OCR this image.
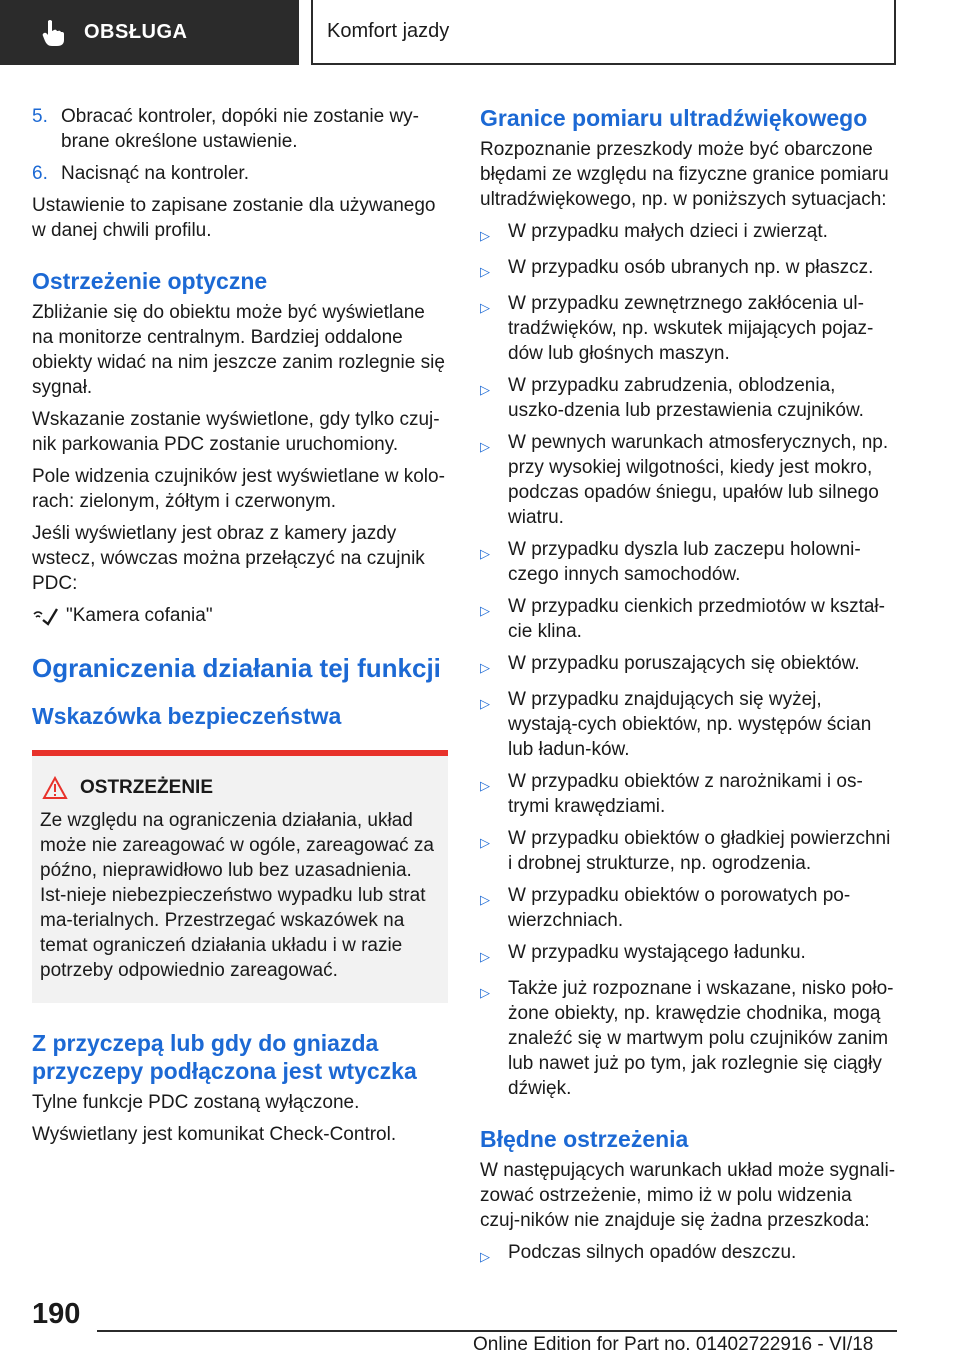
OBSŁUGA	Komfort jazdy
5. Obracać kontroler, dopóki nie zostanie wy-brane określone ustawienie.
6. Nacisnąć na kontroler.

Ustawienie to zapisane zostanie dla używanego w danej chwili profilu.

Ostrzeżenie optyczne

Zbliżanie się do obiektu może być wyświetlane na monitorze centralnym. Bardziej oddalone obiekty widać na nim jeszcze zanim rozlegnie się sygnał.

Wskazanie zostanie wyświetlone, gdy tylko czuj-nik parkowania PDC zostanie uruchomiony.

Pole widzenia czujników jest wyświetlane w kolo-rach: zielonym, żółtym i czerwonym.

Jeśli wyświetlany jest obraz z kamery jazdy wstecz, wówczas można przełączyć na czujnik PDC:

"Kamera cofania"
Ograniczenia działania tej funkcji
Wskazówka bezpieczeństwa
OSTRZEŻENIE
Ze względu na ograniczenia działania, układ może nie zareagować w ogóle, zareagować za późno, nieprawidłowo lub bez uzasadnienia. Ist-nieje niebezpieczeństwo wypadku lub strat ma-terialnych. Przestrzegać wskazówek na temat ograniczeń działania układu i w razie potrzeby odpowiednio zareagować.
Z przyczepą lub gdy do gniazda przyczepy podłączona jest wtyczka

Tylne funkcje PDC zostaną wyłączone.

Wyświetlany jest komunikat Check-Control.

Granice pomiaru ultradźwiękowego

Rozpoznanie przeszkody może być obarczone błędami ze względu na fizyczne granice pomiaru ultradźwiękowego, np. w poniższych sytuacjach:

▷ W przypadku małych dzieci i zwierząt.
▷ W przypadku osób ubranych np. w płaszcz.
▷ W przypadku zewnętrznego zakłócenia ul-tradźwięków, np. wskutek mijających pojaz-dów lub głośnych maszyn.
▷ W przypadku zabrudzenia, oblodzenia, uszko-dzenia lub przestawienia czujników.
▷ W pewnych warunkach atmosferycznych, np. przy wysokiej wilgotności, kiedy jest mokro, podczas opadów śniegu, upałów lub silnego wiatru.
▷ W przypadku dyszla lub zaczepu holowni-czego innych samochodów.
▷ W przypadku cienkich przedmiotów w kształ-cie klina.
▷ W przypadku poruszających się obiektów.
▷ W przypadku znajdujących się wyżej, wystają-cych obiektów, np. występów ścian lub ładun-ków.
▷ W przypadku obiektów z narożnikami i os-trymi krawędziami.
▷ W przypadku obiektów o gładkiej powierzchni i drobnej strukturze, np. ogrodzenia.
▷ W przypadku obiektów o porowatych po-wierzchniach.
▷ W przypadku wystającego ładunku.
▷ Także już rozpoznane i wskazane, nisko poło-żone obiekty, np. krawędzie chodnika, mogą znaleźć się w martwym polu czujników zanim lub nawet już po tym, jak rozlegnie się ciągły dźwięk.
Błędne ostrzeżenia

W następujących warunkach układ może sygnali-zować ostrzeżenie, mimo iż w polu widzenia czuj-ników nie znajduje się żadna przeszkoda:

▷ Podczas silnych opadów deszczu.
190
Online Edition for Part no. 01402722916 - VI/18
